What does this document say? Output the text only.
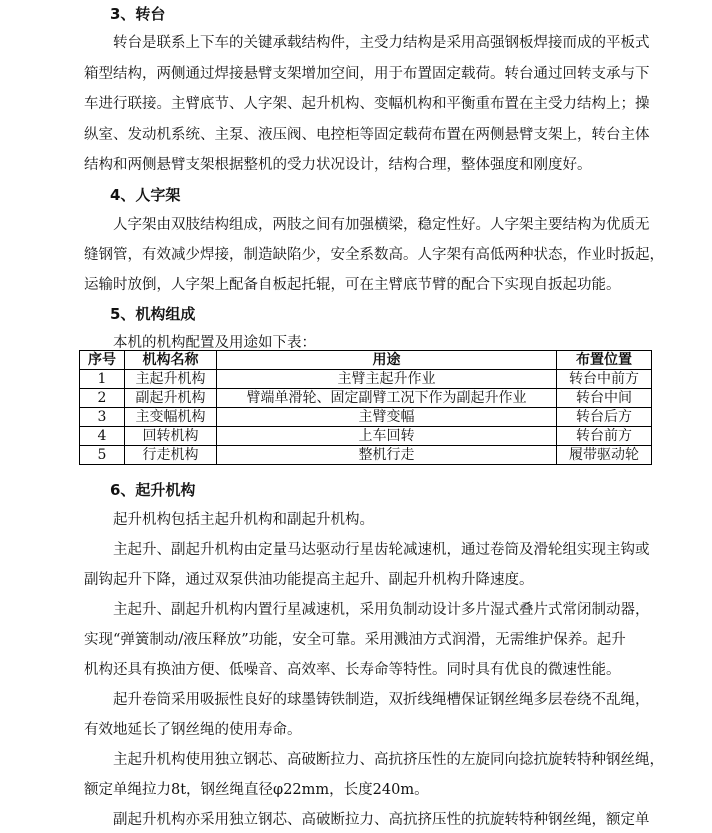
3、转台
转台是联系上下车的关键承载结构件，主受力结构是采用高强钢板焊接而成的平板式
箱型结构，两侧通过焊接悬臂支架增加空间，用于布置固定载荷。转台通过回转支承与下
车进行联接。主臂底节、人字架、起升机构、变幅机构和平衡重布置在主受力结构上；操
纵室、发动机系统、主泵、液压阀、电控柜等固定载荷布置在两侧悬臂支架上，转台主体
结构和两侧悬臂支架根据整机的受力状况设计，结构合理，整体强度和刚度好。
4、人字架
人字架由双肢结构组成，两肢之间有加强横梁，稳定性好。人字架主要结构为优质无
缝钢管，有效减少焊接，制造缺陷少，安全系数高。人字架有高低两种状态，作业时扳起，
运输时放倒，人字架上配备自板起托辊，可在主臂底节臂的配合下实现自扳起功能。
5、机构组成
本机的机构配置及用途如下表：
序号	机构名称	用途	布置位置
1	主起升机构	主臂主起升作业	转台中前方
2	副起升机构	臂端单滑轮、固定副臂工况下作为副起升作业	转台中间
3	主变幅机构	主臂变幅	转台后方
4	回转机构	上车回转	转台前方
5	行走机构	整机行走	履带驱动轮
6、起升机构
起升机构包括主起升机构和副起升机构。
主起升、副起升机构由定量马达驱动行星齿轮减速机，通过卷筒及滑轮组实现主钩或
副钩起升下降，通过双泵供油功能提高主起升、副起升机构升降速度。
主起升、副起升机构内置行星减速机，采用负制动设计多片湿式叠片式常闭制动器，
实现“弹簧制动/液压释放”功能，安全可靠。采用溅油方式润滑，无需维护保养。起升
机构还具有换油方便、低噪音、高效率、长寿命等特性。同时具有优良的微速性能。
起升卷筒采用吸振性良好的球墨铸铁制造，双折线绳槽保证钢丝绳多层卷绕不乱绳，
有效地延长了钢丝绳的使用寿命。
主起升机构使用独立钢芯、高破断拉力、高抗挤压性的左旋同向捻抗旋转特种钢丝绳，
额定单绳拉力8t，钢丝绳直径φ22mm，长度240m。
副起升机构亦采用独立钢芯、高破断拉力、高抗挤压性的抗旋转特种钢丝绳，额定单
